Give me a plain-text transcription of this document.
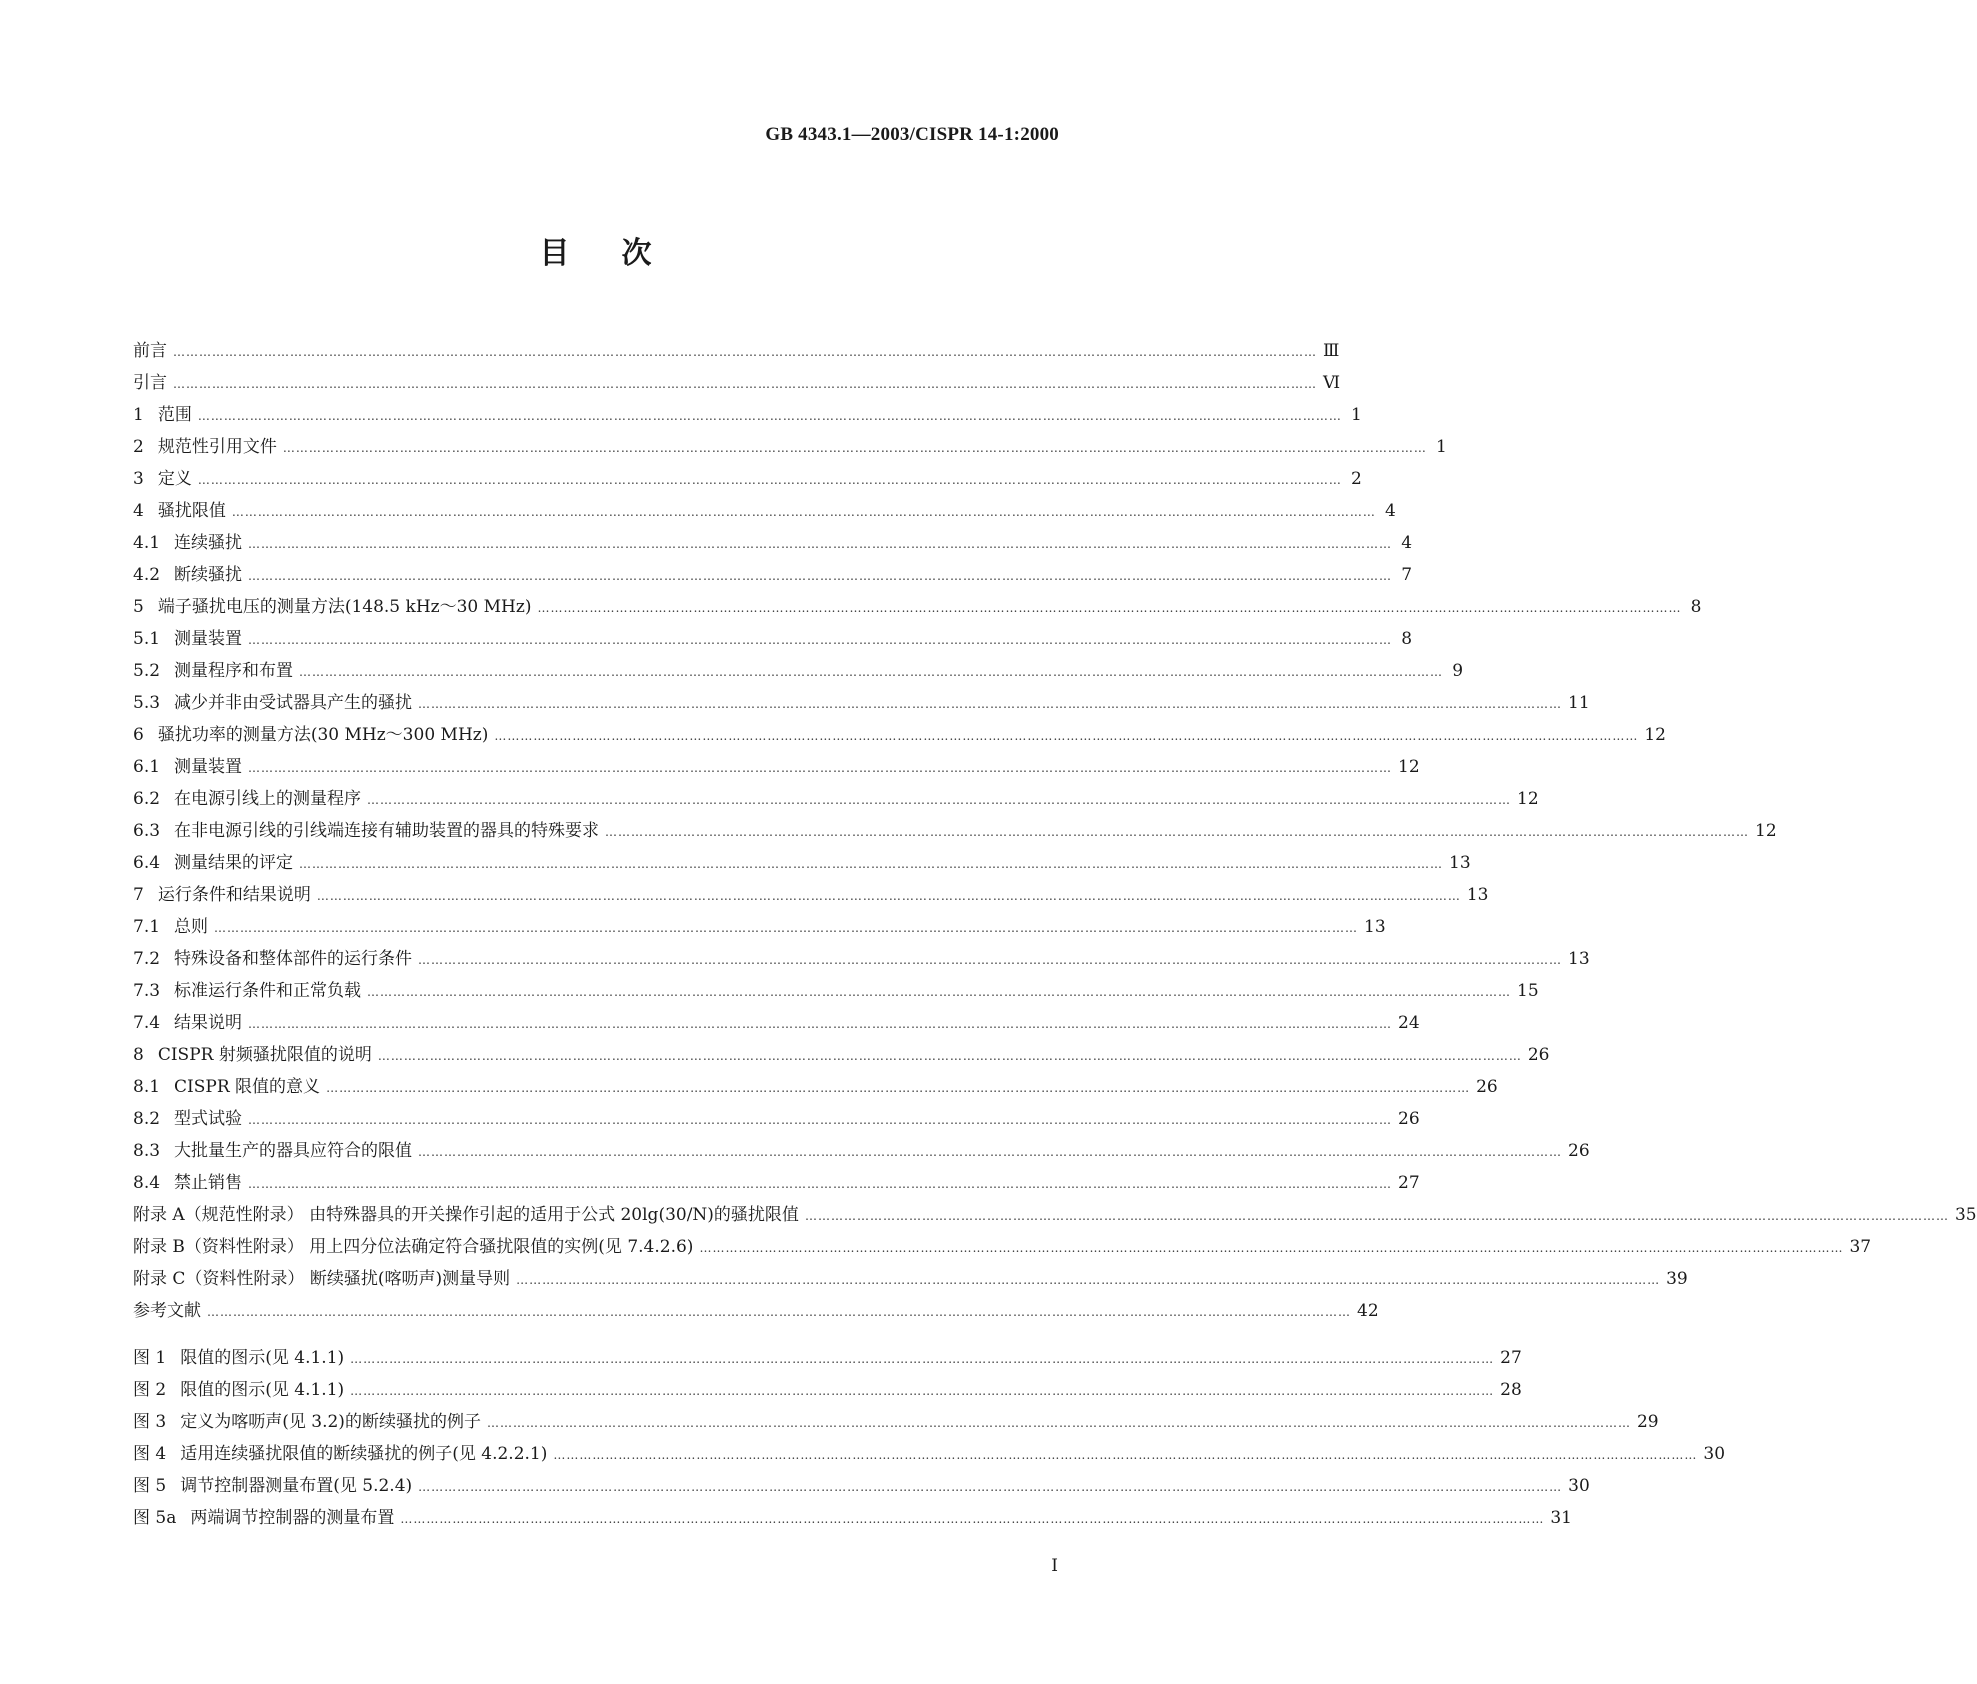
GB 4343.1—2003/CISPR 14-1:2000
目次
前言 …………………………………………………………………………………………………………………………………………………………………………………………………………………………………………	Ⅲ
引言 …………………………………………………………………………………………………………………………………………………………………………………………………………………………………………	Ⅵ
1 范围 …………………………………………………………………………………………………………………………………………………………………………………………………………………………………………	1
2 规范性引用文件 …………………………………………………………………………………………………………………………………………………………………………………………………………………………………………	1
3 定义 …………………………………………………………………………………………………………………………………………………………………………………………………………………………………………	2
4 骚扰限值 …………………………………………………………………………………………………………………………………………………………………………………………………………………………………………	4
4.1 连续骚扰 …………………………………………………………………………………………………………………………………………………………………………………………………………………………………………	4
4.2 断续骚扰 …………………………………………………………………………………………………………………………………………………………………………………………………………………………………………	7
5 端子骚扰电压的测量方法(148.5 kHz～30 MHz) …………………………………………………………………………………………………………………………………………………………………………………………………………………………………………	8
5.1 测量装置 …………………………………………………………………………………………………………………………………………………………………………………………………………………………………………	8
5.2 测量程序和布置 …………………………………………………………………………………………………………………………………………………………………………………………………………………………………………	9
5.3 减少并非由受试器具产生的骚扰 …………………………………………………………………………………………………………………………………………………………………………………………………………………………………………	11
6 骚扰功率的测量方法(30 MHz～300 MHz) …………………………………………………………………………………………………………………………………………………………………………………………………………………………………………	12
6.1 测量装置 …………………………………………………………………………………………………………………………………………………………………………………………………………………………………………	12
6.2 在电源引线上的测量程序 …………………………………………………………………………………………………………………………………………………………………………………………………………………………………………	12
6.3 在非电源引线的引线端连接有辅助装置的器具的特殊要求 …………………………………………………………………………………………………………………………………………………………………………………………………………………………………………	12
6.4 测量结果的评定 …………………………………………………………………………………………………………………………………………………………………………………………………………………………………………	13
7 运行条件和结果说明 …………………………………………………………………………………………………………………………………………………………………………………………………………………………………………	13
7.1 总则 …………………………………………………………………………………………………………………………………………………………………………………………………………………………………………	13
7.2 特殊设备和整体部件的运行条件 …………………………………………………………………………………………………………………………………………………………………………………………………………………………………………	13
7.3 标准运行条件和正常负载 …………………………………………………………………………………………………………………………………………………………………………………………………………………………………………	15
7.4 结果说明 …………………………………………………………………………………………………………………………………………………………………………………………………………………………………………	24
8 CISPR 射频骚扰限值的说明 …………………………………………………………………………………………………………………………………………………………………………………………………………………………………………	26
8.1 CISPR 限值的意义 …………………………………………………………………………………………………………………………………………………………………………………………………………………………………………	26
8.2 型式试验 …………………………………………………………………………………………………………………………………………………………………………………………………………………………………………	26
8.3 大批量生产的器具应符合的限值 …………………………………………………………………………………………………………………………………………………………………………………………………………………………………………	26
8.4 禁止销售 …………………………………………………………………………………………………………………………………………………………………………………………………………………………………………	27
附录 A（规范性附录） 由特殊器具的开关操作引起的适用于公式 20lg(30/N)的骚扰限值 …………………………………………………………………………………………………………………………………………………………………………………………………………………………………………	35
附录 B（资料性附录） 用上四分位法确定符合骚扰限值的实例(见 7.4.2.6) …………………………………………………………………………………………………………………………………………………………………………………………………………………………………………	37
附录 C（资料性附录） 断续骚扰(喀呖声)测量导则 …………………………………………………………………………………………………………………………………………………………………………………………………………………………………………	39
参考文献 …………………………………………………………………………………………………………………………………………………………………………………………………………………………………………	42
图 1 限值的图示(见 4.1.1) …………………………………………………………………………………………………………………………………………………………………………………………………………………………………………	27
图 2 限值的图示(见 4.1.1) …………………………………………………………………………………………………………………………………………………………………………………………………………………………………………	28
图 3 定义为喀呖声(见 3.2)的断续骚扰的例子 …………………………………………………………………………………………………………………………………………………………………………………………………………………………………………	29
图 4 适用连续骚扰限值的断续骚扰的例子(见 4.2.2.1) …………………………………………………………………………………………………………………………………………………………………………………………………………………………………………	30
图 5 调节控制器测量布置(见 5.2.4) …………………………………………………………………………………………………………………………………………………………………………………………………………………………………………	30
图 5a 两端调节控制器的测量布置 …………………………………………………………………………………………………………………………………………………………………………………………………………………………………………	31
I
